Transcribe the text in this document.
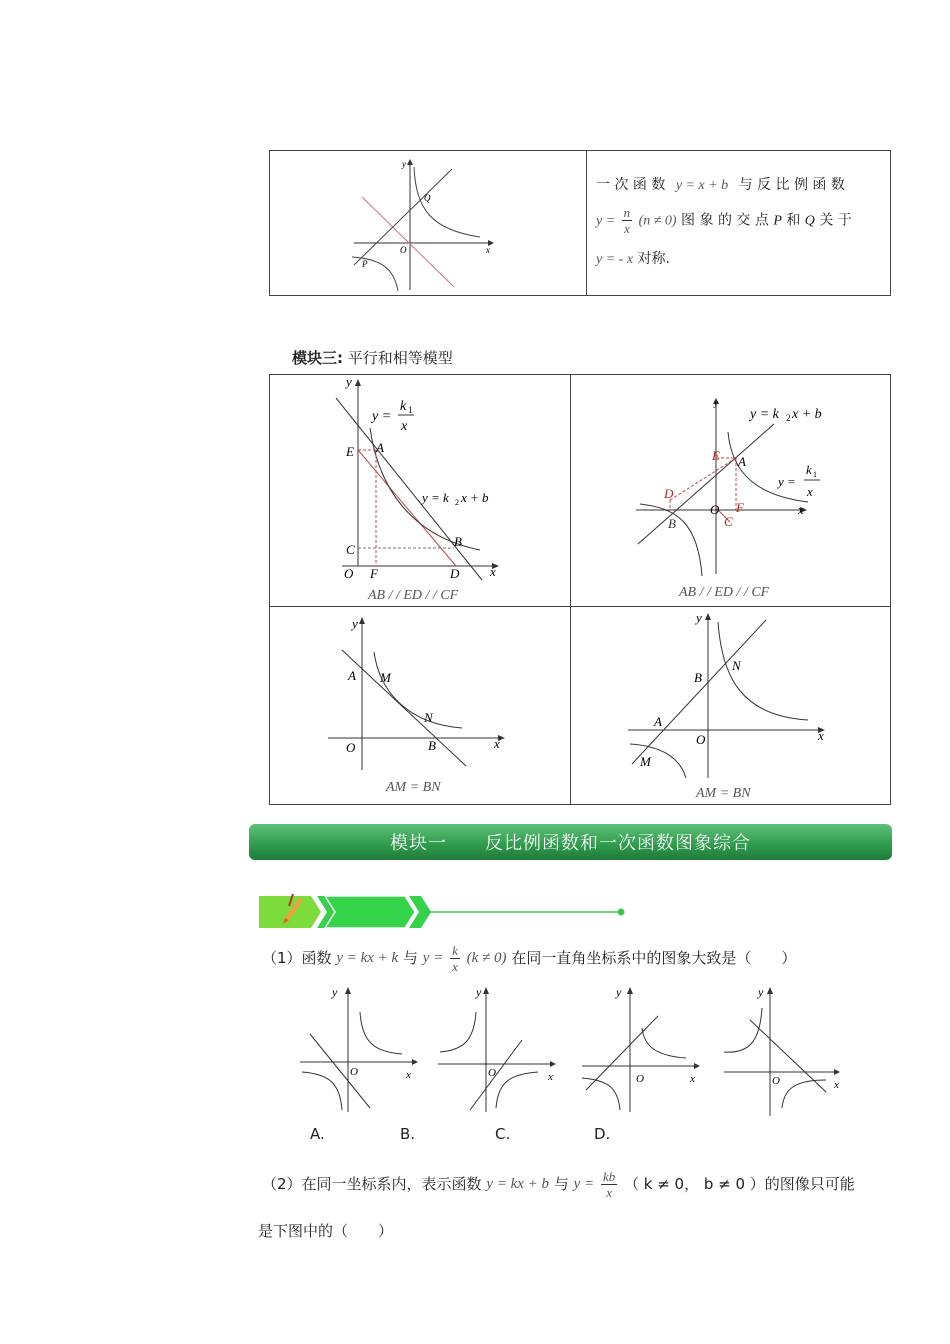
y
x
O
Q
P
一 次 函 数 y = x + b 与 反 比 例 函 数
$y = \frac{n}{x} (n \ne 0)$ 图 象 的 交 点 P 和 Q 关 于
y = - x 对称.
模块三: 平行和相等模型
y
x
O
A
B
C
D
E
F
y =
k 1
x
y = k 2 x + b
AB / / ED / / CF
y
x
O
A
B	C
D
E
F
y = k 2 x + b
y =
k 1
x
AB / / ED / / CF
y
x
O
A M
N
B
AM = BN
y
x
O
A
M
N
B
AM = BN
模块一　　反比例函数和一次函数图象综合
（1）函数 y = kx + k 与 $y = \frac{k}{x} (k \ne 0)$ 在同一直角坐标系中的图象大致是（　　）
y
x
O
y
x
O
y
x
O
y
x
O
A.	B.	C.	D.
（2）在同一坐标系内，表示函数 y = kx + b 与 $y = \frac{kb}{x}$ （ k ≠ 0， b ≠ 0 ）的图像只可能
是下图中的（　　）
